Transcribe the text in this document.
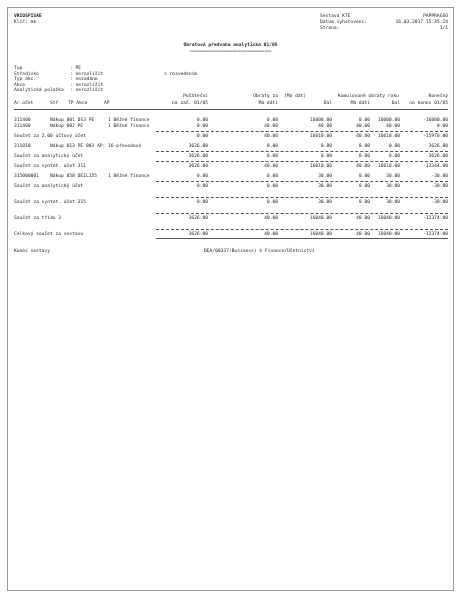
VRIOSPISAE
Klíč: mk
Sestava KTE	PAPPRAGSO
Datum vyhotovení:	16.03.2017 15:35:24
Strana:	1/1
Obratová předvaha analytická 01/05
==================================
Typ	: PE
Středisko	: nerozlišit	s rozvedením
Typ akc.	: nezadáno
Akce	: nerozlišit
Analytická položka : nerozlišit
Počáteční	Obraty za (Má dát)	Kumulované obraty roku	Konečný
Ar.účet	Stř TP Akce	AP	na zač. 01/05	Má dáti	Dal	Má dáti	Dal	na konec 01/05
311400	Nákup 001 DS3 PE	1 Běžné finance	0.00	0.00	16000.00	0.00	16000.00	-16000.00
311400	Nákup 002 PE	1 Běžné finance	0.00	40.00	40.00	40.00	40.00	0.00
Součet za 2.00 účtový účet	0.00	40.00	16010.00	40.00	16010.00	-15970.00
311010	Nákup 013 PE 003 AP: 16-převodová	3626.00	0.00	0.00	0.00	0.00	3626.00
Součet za analytický účet	3626.00	0.00	0.00	0.00	0.00	3626.00
Součet za syntet. účet 311	3626.00	40.00	16010.00	40.00	16010.00	-12344.00
315000001 Nákup 058 DE1L155 1 Běžné finance	0.00	0.00	30.00	0.00	30.00	-30.00
Součet za analytický účet	0.00	0.00	30.00	0.00	30.00	-30.00
Součet za syntet. účet 315	0.00	0.00	30.00	0.00	30.00	-30.00
Součet za třídu 3	3626.00	40.00	16040.00	40.00	16040.00	-12374.00
Celkový součet za sestavu	3626.00	40.00	16040.00	40.00	16040.00	-12374.00
Konec sestavy	DEA/00337(Business) © Finance/Účetnictví
